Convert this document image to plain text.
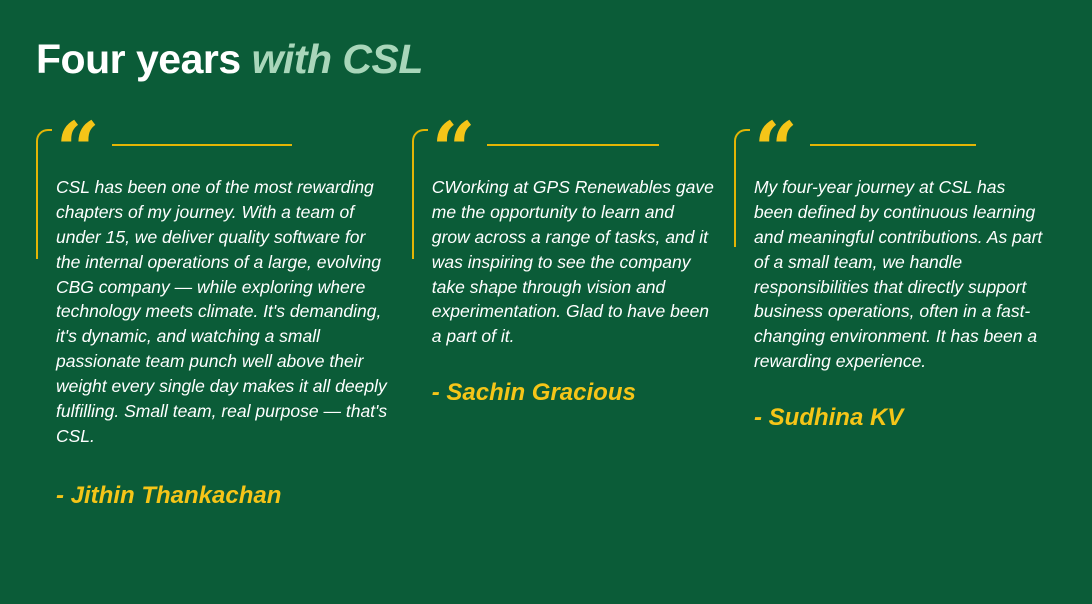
Four years with CSL
“

CSL has been one of the most rewarding chapters of my journey. With a team of under 15, we deliver quality software for the internal operations of a large, evolving CBG company — while exploring where technology meets climate. It's demanding, it's dynamic, and watching a small passionate team punch well above their weight every single day makes it all deeply fulfilling. Small team, real purpose — that's CSL.

- Jithin Thankachan
“

CWorking at GPS Renewables gave me the opportunity to learn and grow across a range of tasks, and it was inspiring to see the company take shape through vision and experimentation. Glad to have been a part of it.

- Sachin Gracious
“

My four-year journey at CSL has been defined by continuous learning and meaningful contributions. As part of a small team, we handle responsibilities that directly support business operations, often in a fast-changing environment. It has been a rewarding experience.

- Sudhina KV
